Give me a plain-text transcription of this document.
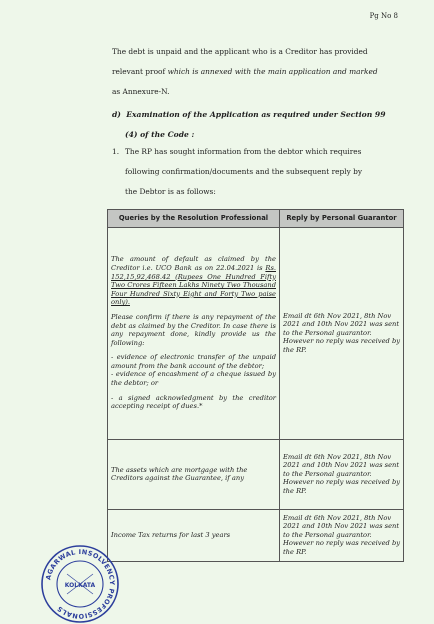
Pg No 8
The debt is unpaid and the applicant who is a Creditor has provided
relevant proof which is annexed with the main application and marked
as Annexure-N.
d) Examination of the Application as required under Section 99
(4) of the Code :
1. The RP has sought information from the debtor which requires
following confirmation/documents and the subsequent reply by
the Debtor is as follows:
Queries by the Resolution Professional	Reply by Personal Guarantor

The amount of default as claimed by the Creditor i.e. UCO Bank as on 22.04.2021 is Rs. 152,15,92,468.42 (Rupees One Hundred Fifty Two Crores Fifteen Lakhs Ninety Two Thousand Four Hundred Sixty Eight and Forty Two paise only).

Please confirm if there is any repayment of the debt as claimed by the Creditor. In case there is any repayment done, kindly provide us the following:

- evidence of electronic transfer of the unpaid amount from the bank account of the debtor;

- evidence of encashment of a cheque issued by the debtor; or

- a signed acknowledgment by the creditor accepting receipt of dues.*	Email dt 6th Nov 2021, 8th Nov 2021 and 10th Nov 2021 was sent to the Personal guarantor. However no reply was received by the RP.
The assets which are mortgage with the Creditors against the Guarantee, if any	Email dt 6th Nov 2021, 8th Nov 2021 and 10th Nov 2021 was sent to the Personal guarantor. However no reply was received by the RP.
Income Tax returns for last 3 years	Email dt 6th Nov 2021, 8th Nov 2021 and 10th Nov 2021 was sent to the Personal guarantor. However no reply was received by the RP.
AGARWAL INSOLVENCY PROFESSIONALS
KOLKATA
